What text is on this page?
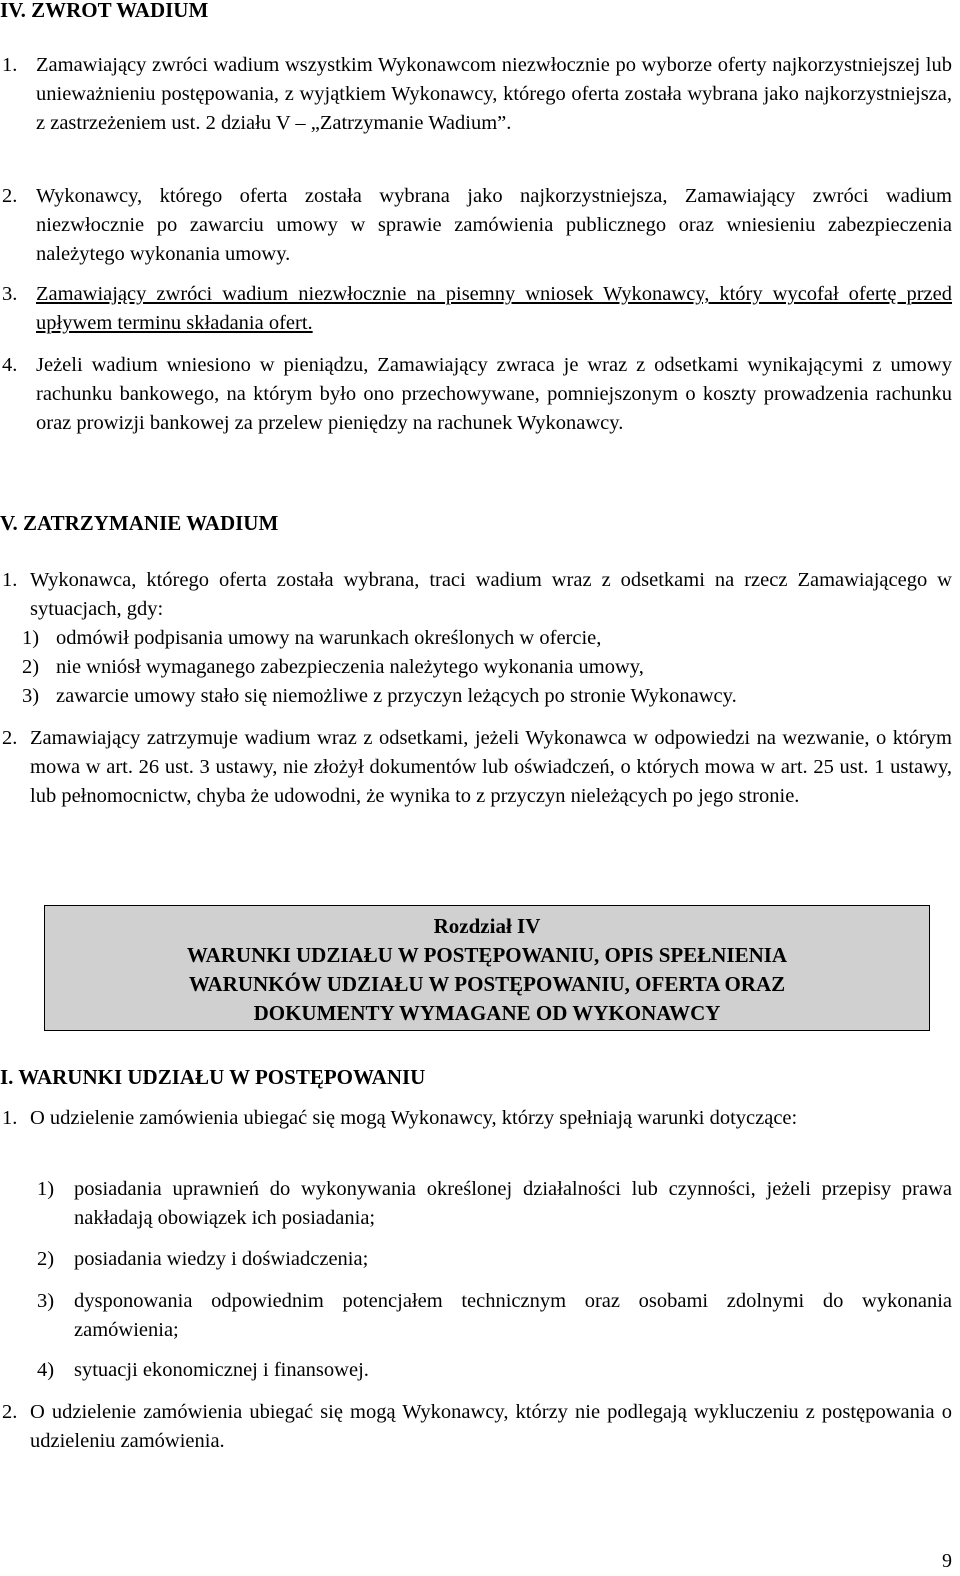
IV. ZWROT WADIUM
1. Zamawiający zwróci wadium wszystkim Wykonawcom niezwłocznie po wyborze oferty najkorzystniejszej lub unieważnieniu postępowania, z wyjątkiem Wykonawcy, którego oferta została wybrana jako najkorzystniejsza, z zastrzeżeniem ust. 2 działu V – „Zatrzymanie Wadium”.
2. Wykonawcy, którego oferta została wybrana jako najkorzystniejsza, Zamawiający zwróci wadium niezwłocznie po zawarciu umowy w sprawie zamówienia publicznego oraz wniesieniu zabezpieczenia należytego wykonania umowy.
3. Zamawiający zwróci wadium niezwłocznie na pisemny wniosek Wykonawcy, który wycofał ofertę przed upływem terminu składania ofert.
4. Jeżeli wadium wniesiono w pieniądzu, Zamawiający zwraca je wraz z odsetkami wynikającymi z umowy rachunku bankowego, na którym było ono przechowywane, pomniejszonym o koszty prowadzenia rachunku oraz prowizji bankowej za przelew pieniędzy na rachunek Wykonawcy.
V. ZATRZYMANIE WADIUM
1. Wykonawca, którego oferta została wybrana, traci wadium wraz z odsetkami na rzecz Zamawiającego w sytuacjach, gdy:
1) odmówił podpisania umowy na warunkach określonych w ofercie,
2) nie wniósł wymaganego zabezpieczenia należytego wykonania umowy,
3) zawarcie umowy stało się niemożliwe z przyczyn leżących po stronie Wykonawcy.
2. Zamawiający zatrzymuje wadium wraz z odsetkami, jeżeli Wykonawca w odpowiedzi na wezwanie, o którym mowa w art. 26 ust. 3 ustawy, nie złożył dokumentów lub oświadczeń, o których mowa w art. 25 ust. 1 ustawy, lub pełnomocnictw, chyba że udowodni, że wynika to z przyczyn nieleżących po jego stronie.
Rozdział IV
WARUNKI UDZIAŁU W POSTĘPOWANIU, OPIS SPEŁNIENIA
WARUNKÓW UDZIAŁU W POSTĘPOWANIU, OFERTA ORAZ
DOKUMENTY WYMAGANE OD WYKONAWCY
I. WARUNKI UDZIAŁU W POSTĘPOWANIU
1. O udzielenie zamówienia ubiegać się mogą Wykonawcy, którzy spełniają warunki dotyczące:
1) posiadania uprawnień do wykonywania określonej działalności lub czynności, jeżeli przepisy prawa nakładają obowiązek ich posiadania;
2) posiadania wiedzy i doświadczenia;
3) dysponowania odpowiednim potencjałem technicznym oraz osobami zdolnymi do wykonania zamówienia;
4) sytuacji ekonomicznej i finansowej.
2. O udzielenie zamówienia ubiegać się mogą Wykonawcy, którzy nie podlegają wykluczeniu z postępowania o udzieleniu zamówienia.
9
